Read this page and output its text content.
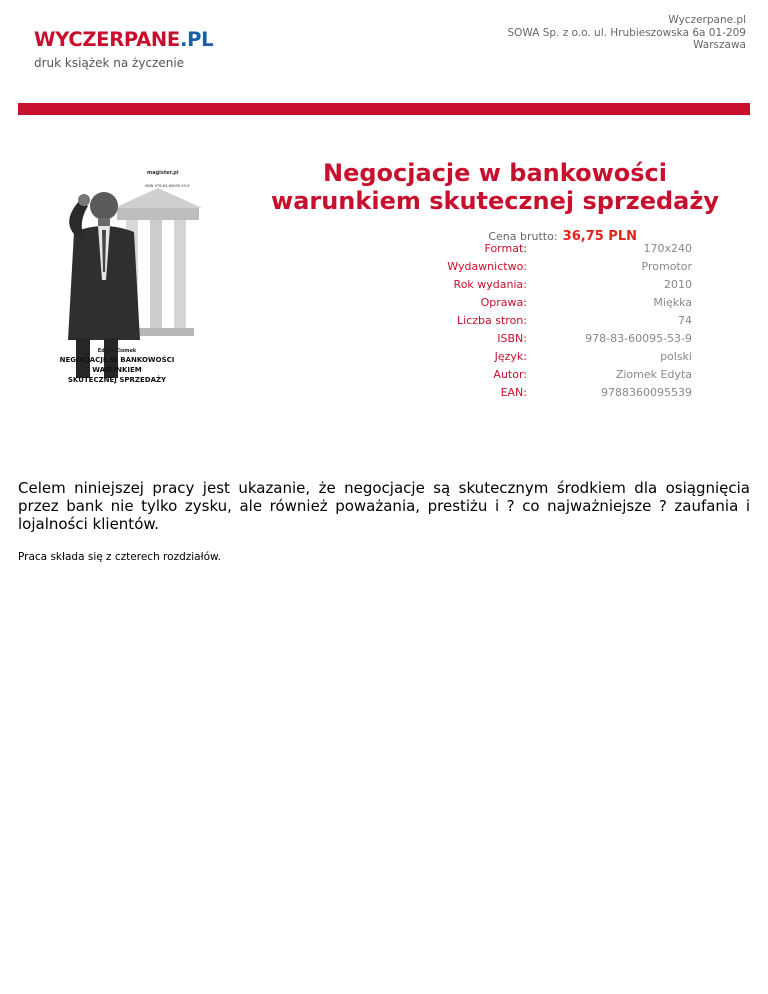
WYCZERPANE.PL
druk książek na życzenie
Wyczerpane.pl
SOWA Sp. z o.o. ul. Hrubieszowska 6a 01-209
Warszawa
magister.pl
ISBN 978-83-60095-53-9
Edyta Ziomek
NEGOCJACJE W BANKOWOŚCI
WARUNKIEM
SKUTECZNEJ SPRZEDAŻY
Negocjacje w bankowości
warunkiem skutecznej sprzedaży
Cena brutto: 36,75 PLN
Format:	170x240
Wydawnictwo:	Promotor
Rok wydania:	2010
Oprawa:	Miękka
Liczba stron:	74
ISBN:	978-83-60095-53-9
Język:	polski
Autor:	Ziomek Edyta
EAN:	9788360095539

Celem niniejszej pracy jest ukazanie, że negocjacje są skutecznym środkiem dla osiągnięcia przez bank nie tylko zysku, ale również poważania, prestiżu i ? co najważniejsze ? zaufania i lojalności klientów.

Praca składa się z czterech rozdziałów.
